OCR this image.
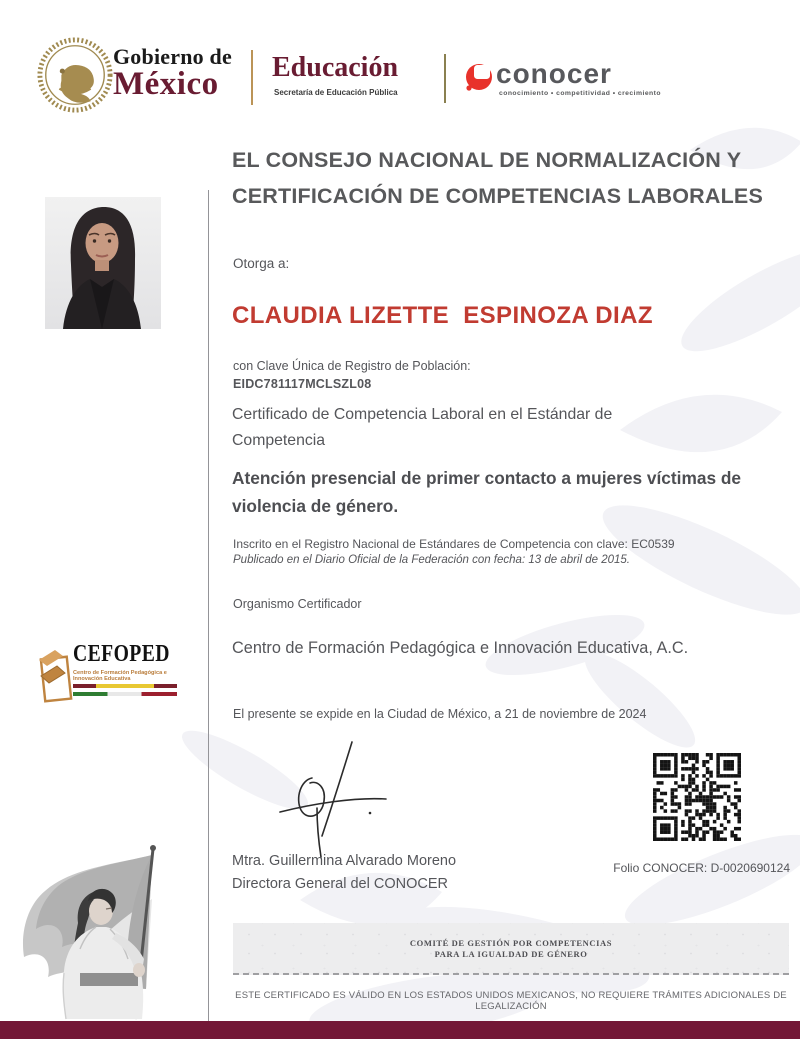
Gobierno de
México Educación
Secretaría de Educación Pública
conocer
conocimiento • competitividad • crecimiento
EL CONSEJO NACIONAL DE NORMALIZACIÓN Y
CERTIFICACIÓN DE COMPETENCIAS LABORALES
CEFOPED
Centro de Formación Pedagógica e Innovación Educativa
Otorga a:
CLAUDIA LIZETTE  ESPINOZA DIAZ
con Clave Única de Registro de Población:
EIDC781117MCLSZL08
Certificado de Competencia Laboral en el Estándar de Competencia
Atención presencial de primer contacto a mujeres víctimas de violencia de género.
Inscrito en el Registro Nacional de Estándares de Competencia con clave: EC0539
Publicado en el Diario Oficial de la Federación con fecha: 13 de abril de 2015.
Organismo Certificador
Centro de Formación Pedagógica e Innovación Educativa, A.C.
El presente se expide en la Ciudad de México, a 21 de noviembre de 2024
Mtra. Guillermina Alvarado Moreno
Directora General del CONOCER
Folio CONOCER: D-0020690124
COMITÉ DE GESTIÓN POR COMPETENCIAS
PARA LA IGUALDAD DE GÉNERO
ESTE CERTIFICADO ES VÁLIDO EN LOS ESTADOS UNIDOS MEXICANOS, NO REQUIERE TRÁMITES ADICIONALES DE LEGALIZACIÓN
